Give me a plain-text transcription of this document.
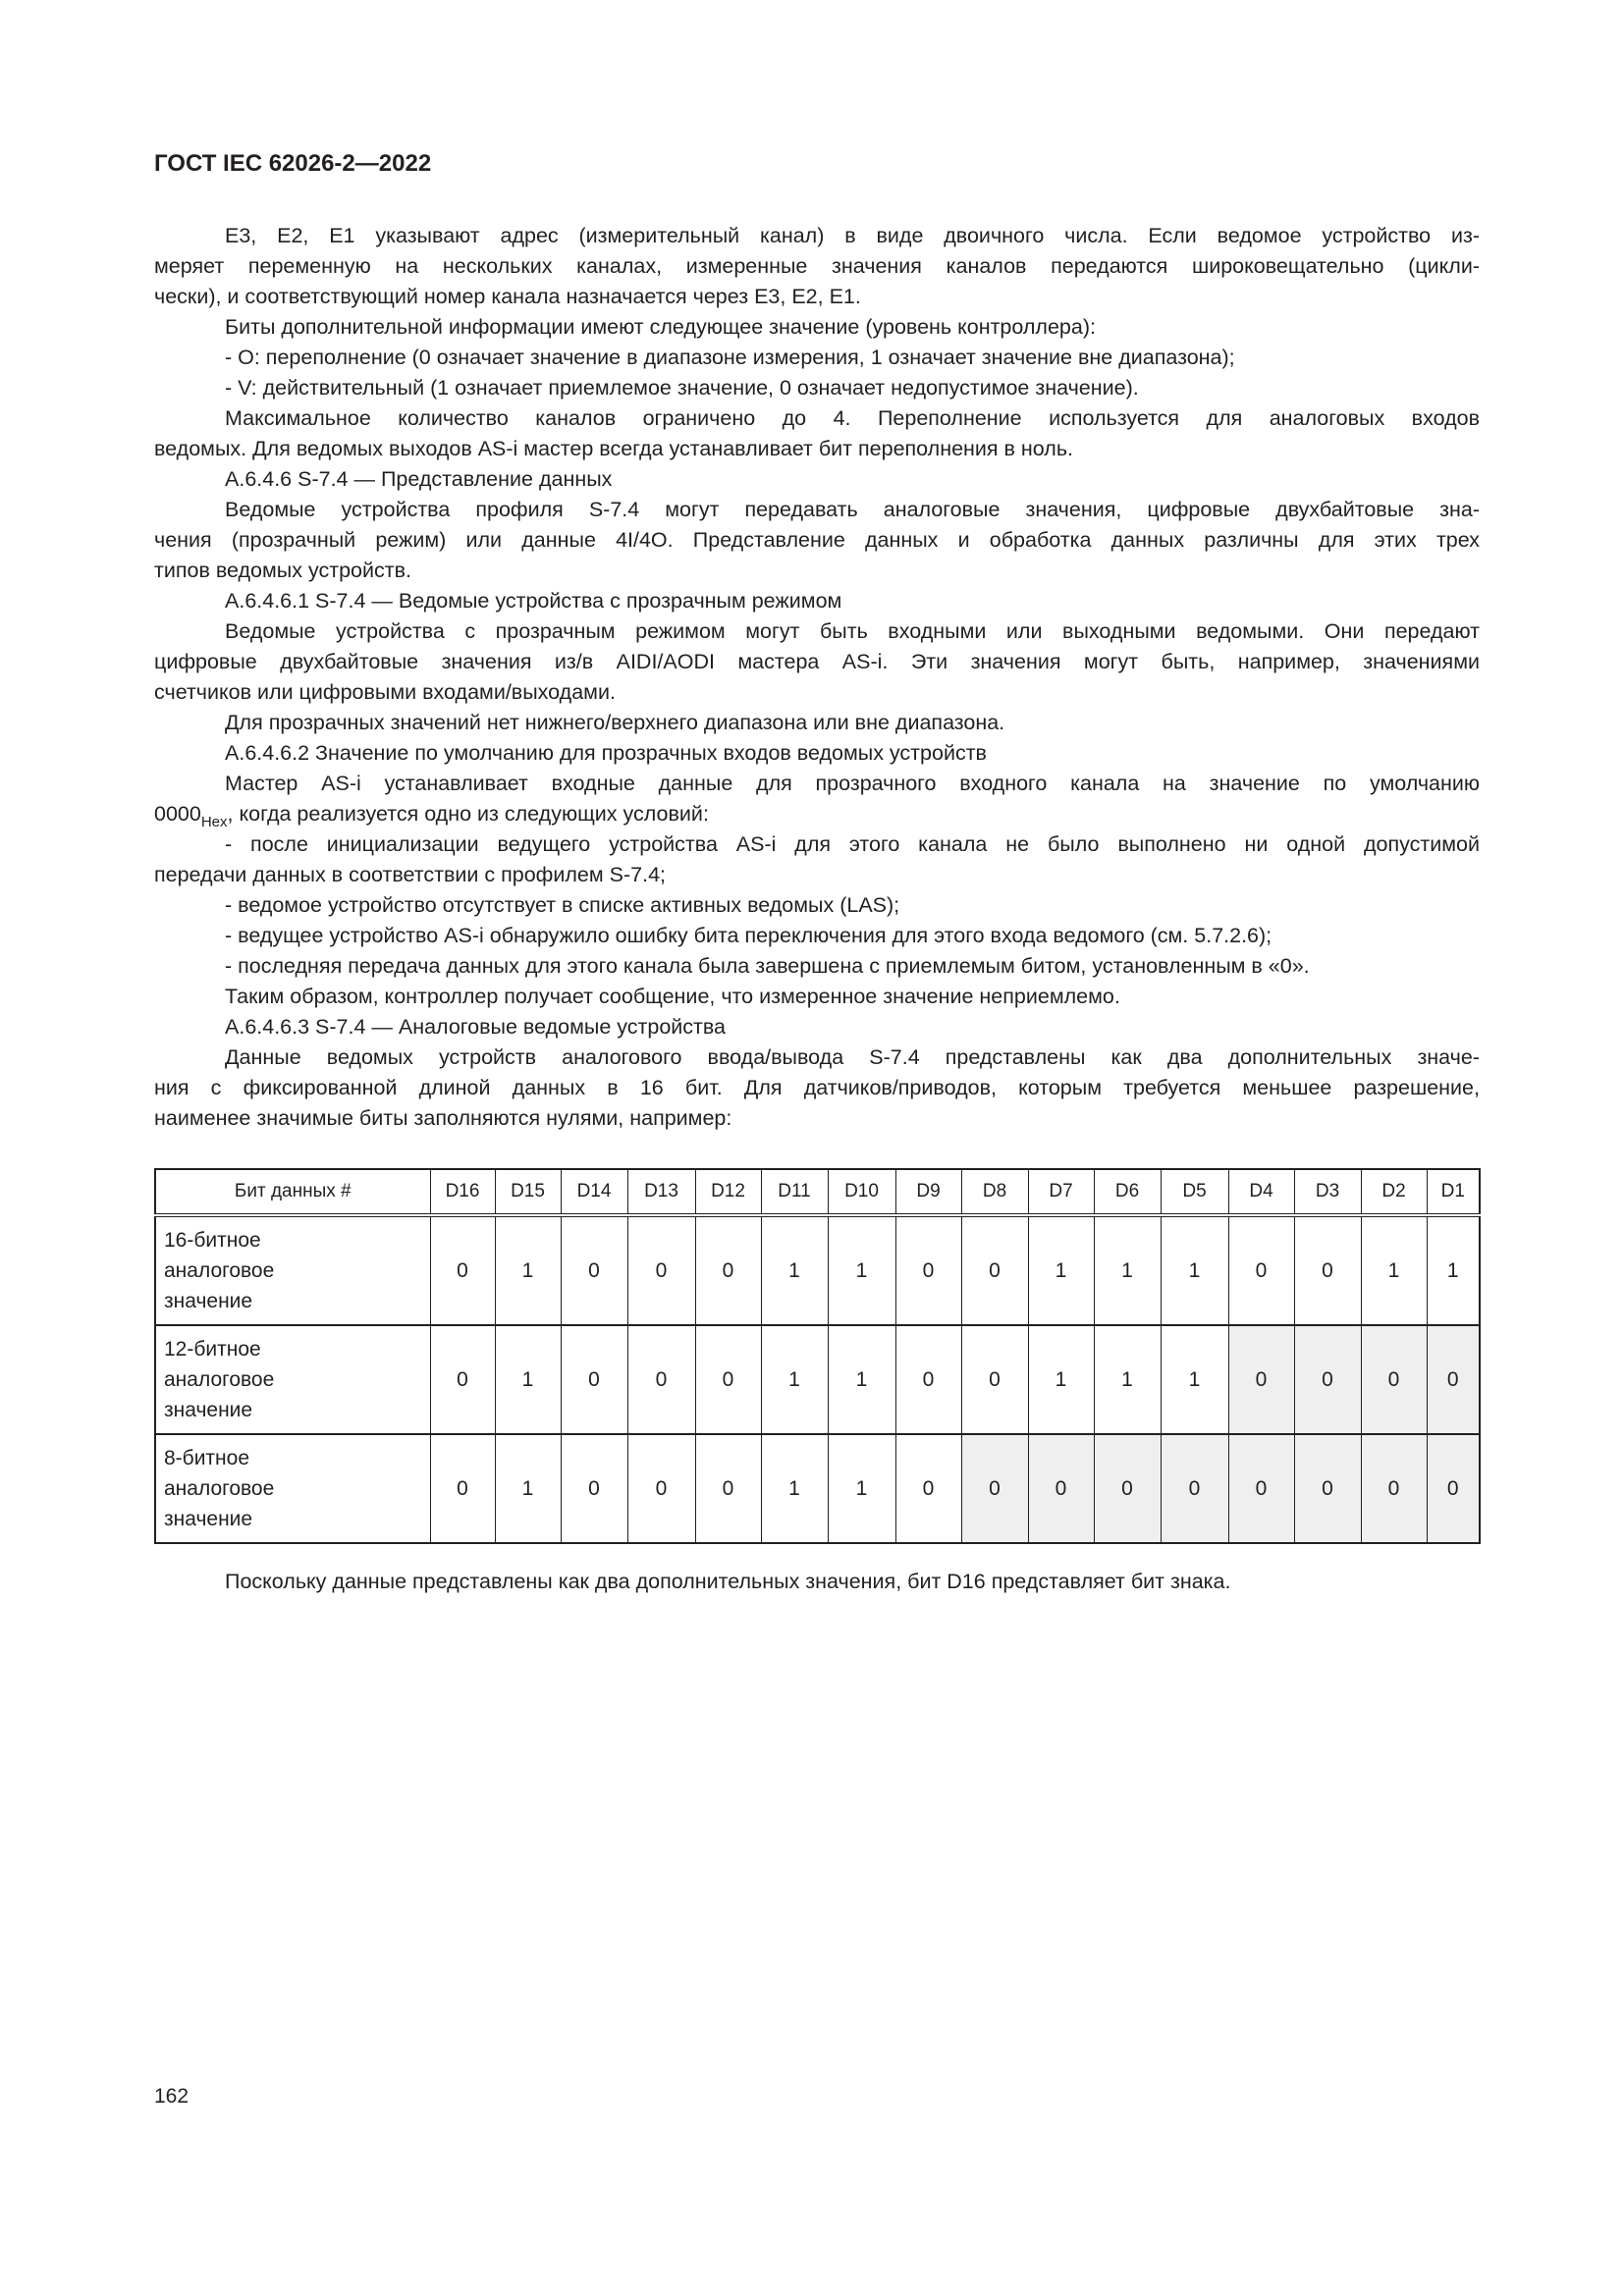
ГОСТ IEC 62026-2—2022
E3, E2, E1 указывают адрес (измерительный канал) в виде двоичного числа. Если ведомое устройство из-
меряет переменную на нескольких каналах, измеренные значения каналов передаются широковещательно (цикли-
чески), и соответствующий номер канала назначается через E3, E2, E1.
Биты дополнительной информации имеют следующее значение (уровень контроллера):
- O: переполнение (0 означает значение в диапазоне измерения, 1 означает значение вне диапазона);
- V: действительный (1 означает приемлемое значение, 0 означает недопустимое значение).
Максимальное количество каналов ограничено до 4. Переполнение используется для аналоговых входов
ведомых. Для ведомых выходов AS-i мастер всегда устанавливает бит переполнения в ноль.
A.6.4.6 S-7.4 — Представление данных
Ведомые устройства профиля S-7.4 могут передавать аналоговые значения, цифровые двухбайтовые зна-
чения (прозрачный режим) или данные 4I/4O. Представление данных и обработка данных различны для этих трех
типов ведомых устройств.
A.6.4.6.1 S-7.4 — Ведомые устройства с прозрачным режимом
Ведомые устройства с прозрачным режимом могут быть входными или выходными ведомыми. Они передают
цифровые двухбайтовые значения из/в AIDI/AODI мастера AS-i. Эти значения могут быть, например, значениями
счетчиков или цифровыми входами/выходами.
Для прозрачных значений нет нижнего/верхнего диапазона или вне диапазона.
A.6.4.6.2 Значение по умолчанию для прозрачных входов ведомых устройств
Мастер AS-i устанавливает входные данные для прозрачного входного канала на значение по умолчанию
$0000_{Hex}$, когда реализуется одно из следующих условий:
- после инициализации ведущего устройства AS-i для этого канала не было выполнено ни одной допустимой
передачи данных в соответствии с профилем S-7.4;
- ведомое устройство отсутствует в списке активных ведомых (LAS);
- ведущее устройство AS-i обнаружило ошибку бита переключения для этого входа ведомого (см. 5.7.2.6);
- последняя передача данных для этого канала была завершена с приемлемым битом, установленным в «0».
Таким образом, контроллер получает сообщение, что измеренное значение неприемлемо.
A.6.4.6.3 S-7.4 — Аналоговые ведомые устройства
Данные ведомых устройств аналогового ввода/вывода S-7.4 представлены как два дополнительных значе-
ния с фиксированной длиной данных в 16 бит. Для датчиков/приводов, которым требуется меньшее разрешение,
наименее значимые биты заполняются нулями, например:
Бит данных #	D16	D15	D14	D13	D12	D11	D10	D9	D8	D7	D6	D5	D4	D3	D2	D1

16-битное
аналоговое
значение	0	1	0	0	0	1	1	0	0	1	1	1	0	0	1	1

12-битное
аналоговое
значение	0	1	0	0	0	1	1	0	0	1	1	1	0	0	0	0

8-битное
аналоговое
значение	0	1	0	0	0	1	1	0	0	0	0	0	0	0	0	0
Поскольку данные представлены как два дополнительных значения, бит D16 представляет бит знака.
162
